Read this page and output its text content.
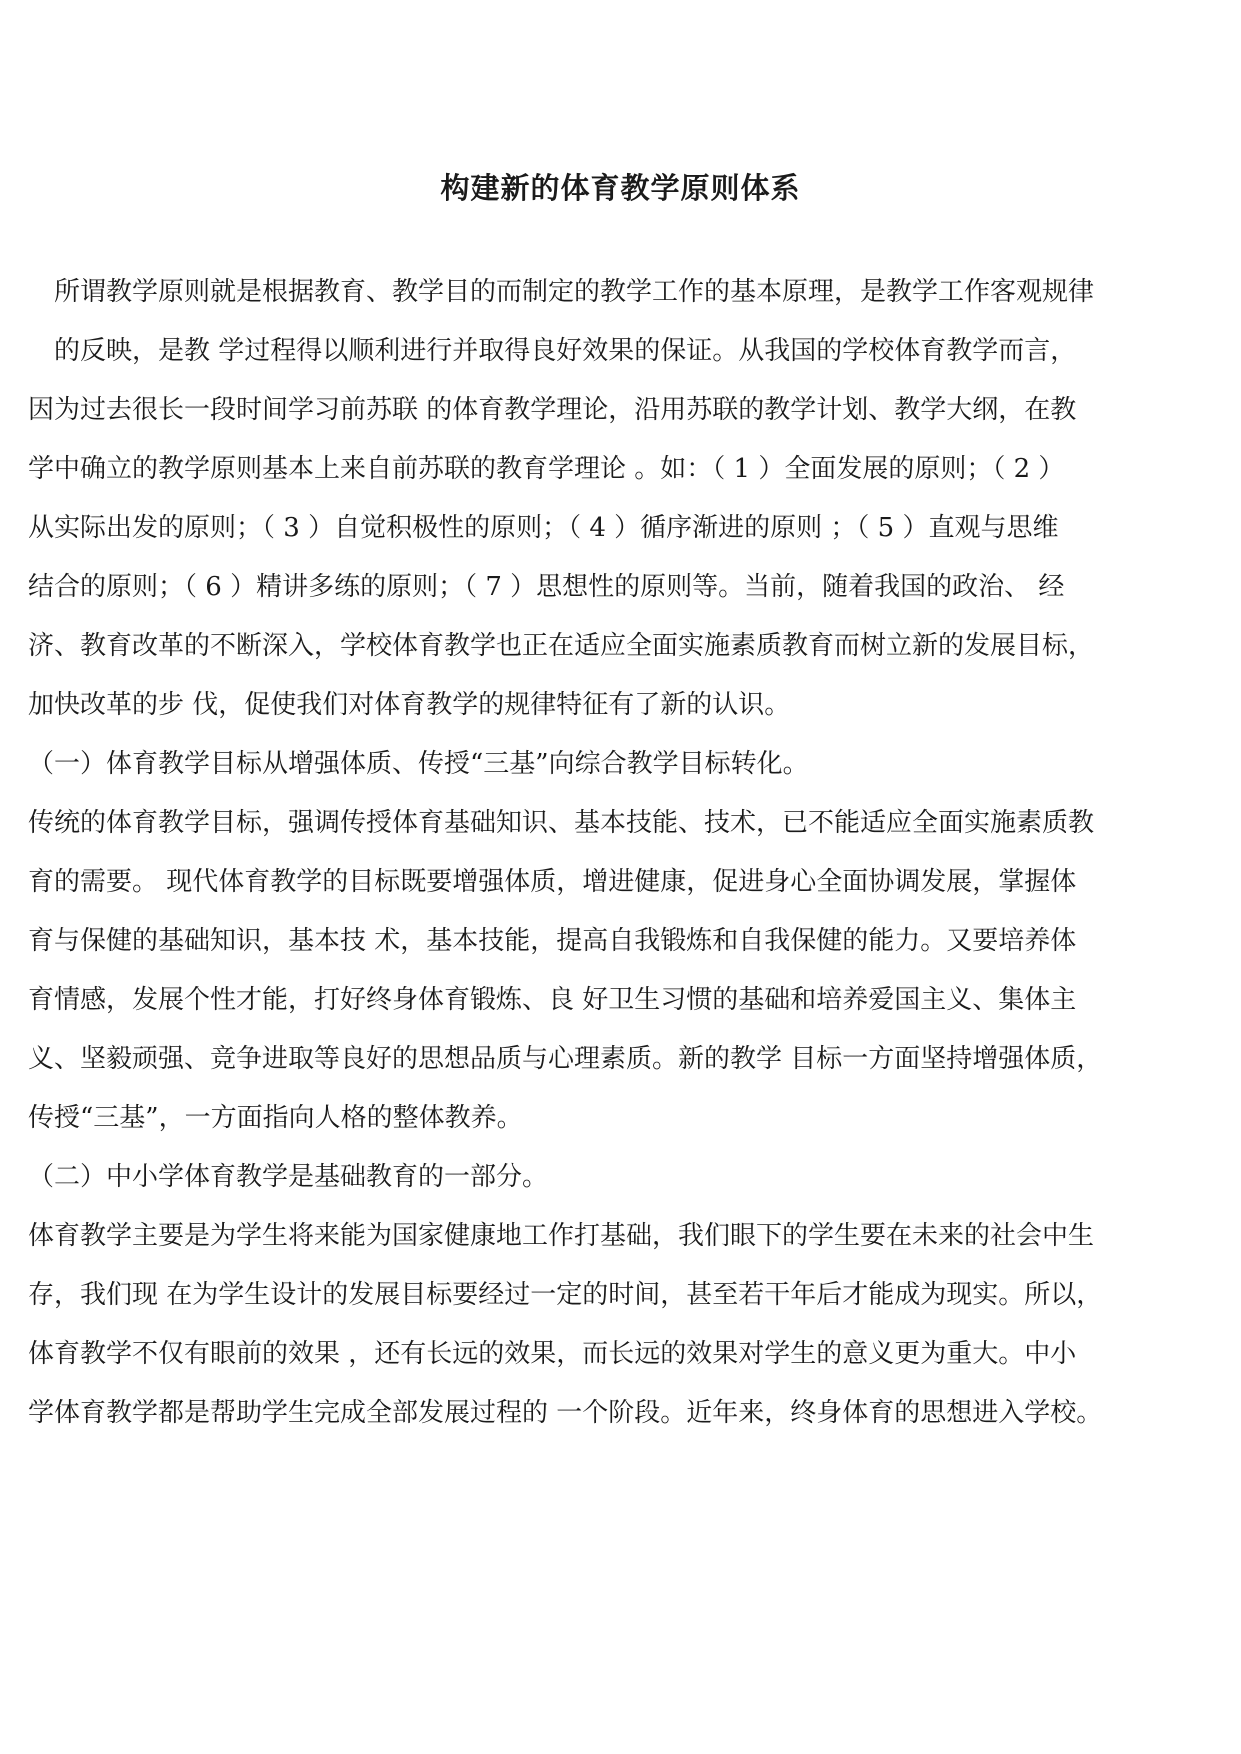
构建新的体育教学原则体系
　所谓教学原则就是根据教育、教学目的而制定的教学工作的基本原理，是教学工作客观规律
　的反映，是教 学过程得以顺利进行并取得良好效果的保证。从我国的学校体育教学而言，
因为过去很长一段时间学习前苏联 的体育教学理论，沿用苏联的教学计划、教学大纲，在教
学中确立的教学原则基本上来自前苏联的教育学理论 。如：（ 1 ）全面发展的原则；（ 2 ）
从实际出发的原则；（ 3 ）自觉积极性的原则；（ 4 ）循序渐进的原则 ；（ 5 ）直观与思维
结合的原则；（ 6 ）精讲多练的原则；（ 7 ）思想性的原则等。当前，随着我国的政治、 经
济、教育改革的不断深入，学校体育教学也正在适应全面实施素质教育而树立新的发展目标，
加快改革的步 伐，促使我们对体育教学的规律特征有了新的认识。
（一）体育教学目标从增强体质、传授“三基”向综合教学目标转化。
传统的体育教学目标，强调传授体育基础知识、基本技能、技术，已不能适应全面实施素质教
育的需要。 现代体育教学的目标既要增强体质，增进健康，促进身心全面协调发展，掌握体
育与保健的基础知识，基本技 术，基本技能，提高自我锻炼和自我保健的能力。又要培养体
育情感，发展个性才能，打好终身体育锻炼、良 好卫生习惯的基础和培养爱国主义、集体主
义、坚毅顽强、竞争进取等良好的思想品质与心理素质。新的教学 目标一方面坚持增强体质，
传授“三基”，一方面指向人格的整体教养。
（二）中小学体育教学是基础教育的一部分。
体育教学主要是为学生将来能为国家健康地工作打基础，我们眼下的学生要在未来的社会中生
存，我们现 在为学生设计的发展目标要经过一定的时间，甚至若干年后才能成为现实。所以，
体育教学不仅有眼前的效果 ，还有长远的效果，而长远的效果对学生的意义更为重大。中小
学体育教学都是帮助学生完成全部发展过程的 一个阶段。近年来，终身体育的思想进入学校。
